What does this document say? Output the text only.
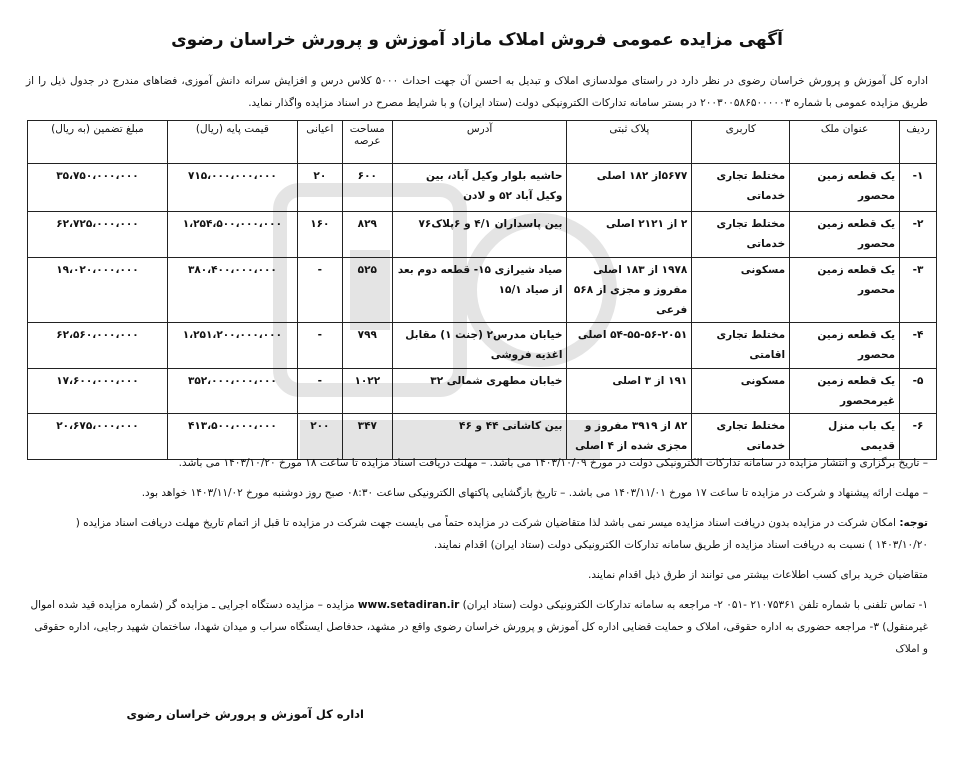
آگهی مزایده عمومی فروش املاک مازاد آموزش و پرورش خراسان رضوی
اداره کل آموزش و پرورش خراسان رضوی در نظر دارد در راستای مولدسازی املاک و تبدیل به احسن آن جهت احداث ۵۰۰۰ کلاس درس و افزایش سرانه دانش آموزی، فضاهای مندرج در جدول ذیل را از طریق مزایده عمومی با شماره ۲۰۰۳۰۰۵۸۶۵۰۰۰۰۰۳ در بستر سامانه تدارکات الکترونیکی دولت (ستاد ایران) و با شرایط مصرح در اسناد مزایده واگذار نماید.
ردیف	عنوان ملک	کاربری	پلاک ثبتی	آدرس	مساحت عرصه	اعیانی	قیمت پایه (ریال)	مبلغ تضمین (به ریال)
۱-	یک قطعه زمین محصور	مختلط تجاری خدماتی	۵۶۷۷از ۱۸۲ اصلی	حاشیه بلوار وکیل آباد، بین وکیل آباد ۵۲ و لادن	۶۰۰	۲۰	۷۱۵،۰۰۰،۰۰۰،۰۰۰	۳۵،۷۵۰،۰۰۰،۰۰۰
۲-	یک قطعه زمین محصور	مختلط تجاری خدماتی	۲ از ۲۱۲۱ اصلی	بین پاسداران ۴/۱ و ۶پلاک۷۶	۸۲۹	۱۶۰	۱،۲۵۴،۵۰۰،۰۰۰،۰۰۰	۶۲،۷۲۵،۰۰۰،۰۰۰
۳-	یک قطعه زمین محصور	مسکونی	۱۹۷۸ از ۱۸۳ اصلی مفروز و مجزی از ۵۶۸ فرعی	صیاد شیرازی ۱۵- قطعه دوم بعد از صیاد ۱۵/۱	۵۲۵	-	۳۸۰،۴۰۰،۰۰۰،۰۰۰	۱۹،۰۲۰،۰۰۰،۰۰۰
۴-	یک قطعه زمین محصور	مختلط تجاری اقامتی	۵۴-۵۵-۵۶-۲۰۵۱ اصلی	خیابان مدرس۲ (جنت ۱) مقابل اغذیه فروشی	۷۹۹	-	۱،۲۵۱،۲۰۰،۰۰۰،۰۰۰	۶۲،۵۶۰،۰۰۰،۰۰۰
۵-	یک قطعه زمین غیرمحصور	مسکونی	۱۹۱ از ۳ اصلی	خیابان مطهری شمالی ۳۲	۱۰۲۲	-	۳۵۲،۰۰۰،۰۰۰،۰۰۰	۱۷،۶۰۰،۰۰۰،۰۰۰
۶-	یک باب منزل قدیمی	مختلط تجاری خدماتی	۸۲ از ۳۹۱۹ مفروز و مجزی شده از ۴ اصلی	بین کاشانی ۴۴ و ۴۶	۳۴۷	۲۰۰	۴۱۳،۵۰۰،۰۰۰،۰۰۰	۲۰،۶۷۵،۰۰۰،۰۰۰

– تاریخ برگزاری و انتشار مزایده در سامانه تدارکات الکترونیکی دولت در مورخ ۱۴۰۳/۱۰/۰۹ می باشد. – مهلت دریافت اسناد مزایده تا ساعت ۱۸ مورخ ۱۴۰۳/۱۰/۲۰ می باشد.

– مهلت ارائه پیشنهاد و شرکت در مزایده تا ساعت ۱۷ مورخ ۱۴۰۳/۱۱/۰۱ می باشد. – تاریخ بازگشایی پاکتهای الکترونیکی ساعت ۰۸:۳۰ صبح روز دوشنبه مورخ ۱۴۰۳/۱۱/۰۲ خواهد بود.

توجه: امکان شرکت در مزایده بدون دریافت اسناد مزایده میسر نمی باشد لذا متقاضیان شرکت در مزایده حتماً می بایست جهت شرکت در مزایده تا قبل از اتمام تاریخ مهلت دریافت اسناد مزایده ( ۱۴۰۳/۱۰/۲۰ ) نسبت به دریافت اسناد مزایده از طریق سامانه تدارکات الکترونیکی دولت (ستاد ایران) اقدام نمایند.

متقاضیان خرید برای کسب اطلاعات بیشتر می توانند از طرق ذیل اقدام نمایند.

۱- تماس تلفنی با شماره تلفن ۲۱۰۷۵۳۶۱ -۰۵۱ ۲- مراجعه به سامانه تدارکات الکترونیکی دولت (ستاد ایران) www.setadiran.ir مزایده – مزایده دستگاه اجرایی ـ مزایده گر (شماره مزایده قید شده اموال غیرمنقول) ۳- مراجعه حضوری به اداره حقوقی، املاک و حمایت قضایی اداره کل آموزش و پرورش خراسان رضوی واقع در مشهد، حدفاصل ایستگاه سراب و میدان شهدا، ساختمان شهید رجایی، اداره حقوقی و املاک

اداره کل آموزش و پرورش خراسان رضوی
